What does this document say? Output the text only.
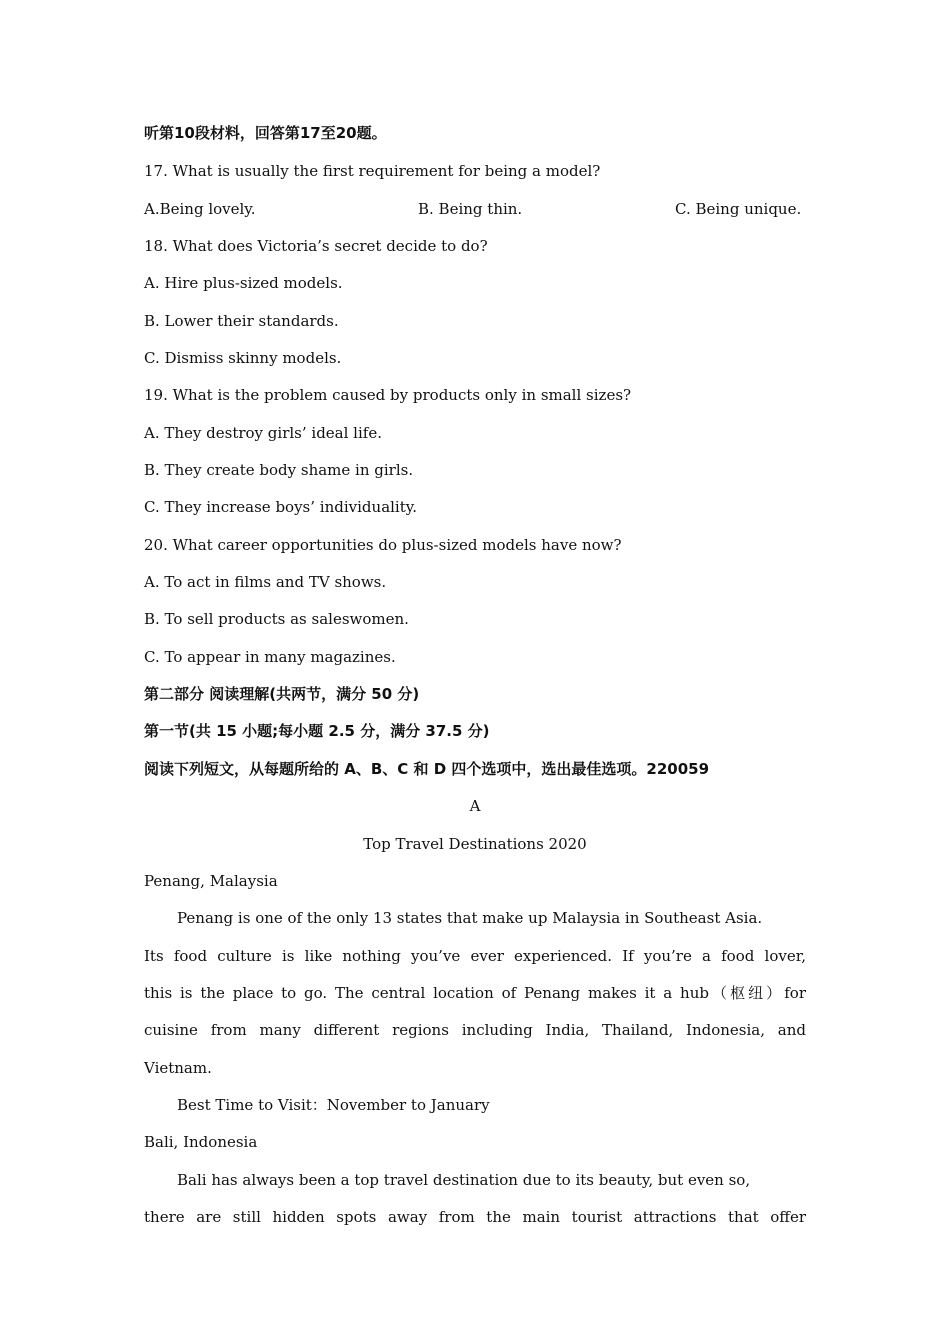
听第10段材料，回答第17至20题。
17. What is usually the first requirement for being a model?
A.Being lovely.	B. Being thin.	C. Being unique.
18. What does Victoria’s secret decide to do?
A. Hire plus-sized models.
B. Lower their standards.
C. Dismiss skinny models.
19. What is the problem caused by products only in small sizes?
A. They destroy girls’ ideal life.
B. They create body shame in girls.
C. They increase boys’ individuality.
20. What career opportunities do plus-sized models have now?
A. To act in films and TV shows.
B. To sell products as saleswomen.
C. To appear in many magazines.
第二部分 阅读理解(共两节，满分 50 分)
第一节(共 15 小题;每小题 2.5 分，满分 37.5 分)
阅读下列短文，从每题所给的 A、B、C 和 D 四个选项中，选出最佳选项。220059
A
Top Travel Destinations 2020
Penang, Malaysia
Penang is one of the only 13 states that make up Malaysia in Southeast Asia.
Its food culture is like nothing you’ve ever experienced. If you’re a food lover,
this is the place to go. The central location of Penang makes it a hub（枢纽）for
cuisine from many different regions including India, Thailand, Indonesia, and
Vietnam.
Best Time to Visit：November to January
Bali, Indonesia
Bali has always been a top travel destination due to its beauty, but even so,
there are still hidden spots away from the main tourist attractions that offer
